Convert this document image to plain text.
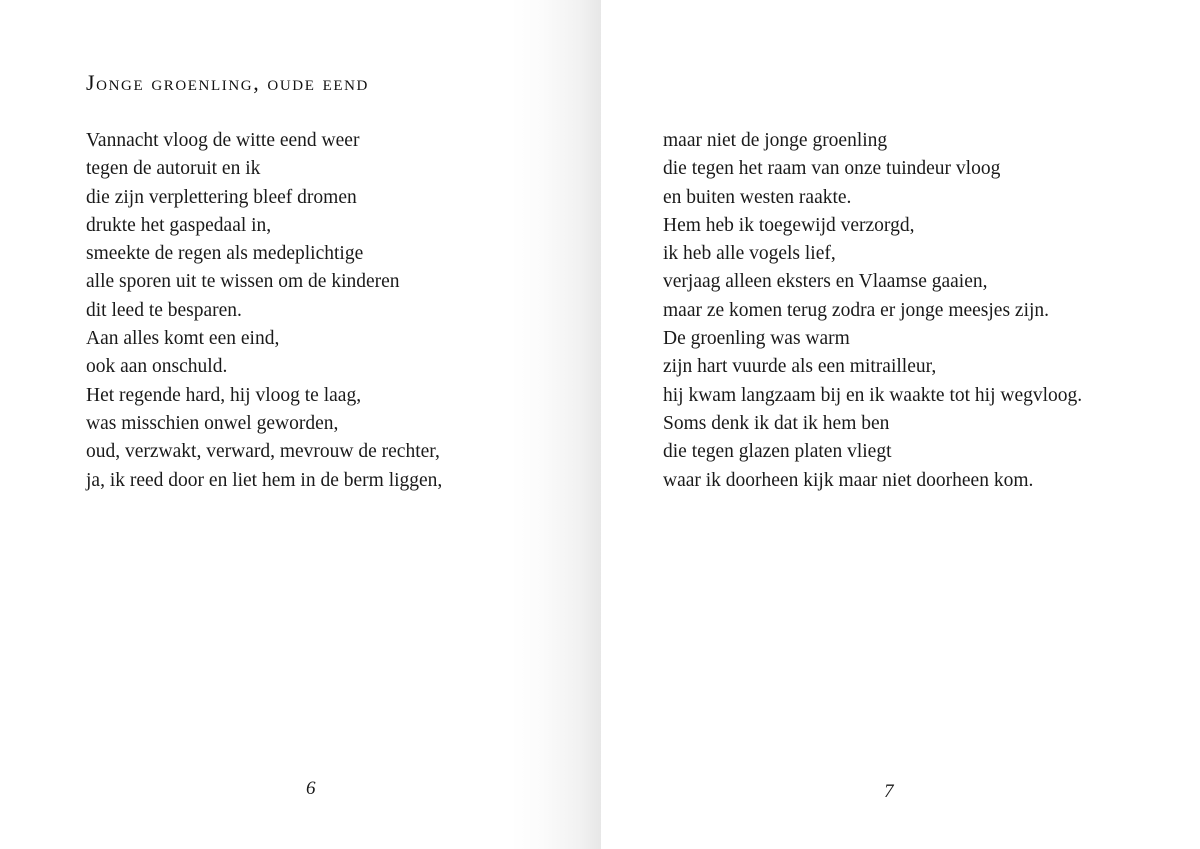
Jonge groenling, oude eend
Vannacht vloog de witte eend weer
tegen de autoruit en ik
die zijn verplettering bleef dromen
drukte het gaspedaal in,
smeekte de regen als medeplichtige
alle sporen uit te wissen om de kinderen
dit leed te besparen.
Aan alles komt een eind,
ook aan onschuld.
Het regende hard, hij vloog te laag,
was misschien onwel geworden,
oud, verzwakt, verward, mevrouw de rechter,
ja, ik reed door en liet hem in de berm liggen,

6

maar niet de jonge groenling
die tegen het raam van onze tuindeur vloog
en buiten westen raakte.
Hem heb ik toegewijd verzorgd,
ik heb alle vogels lief,
verjaag alleen eksters en Vlaamse gaaien,
maar ze komen terug zodra er jonge meesjes zijn.
De groenling was warm
zijn hart vuurde als een mitrailleur,
hij kwam langzaam bij en ik waakte tot hij wegvloog.
Soms denk ik dat ik hem ben
die tegen glazen platen vliegt
waar ik doorheen kijk maar niet doorheen kom.

7
